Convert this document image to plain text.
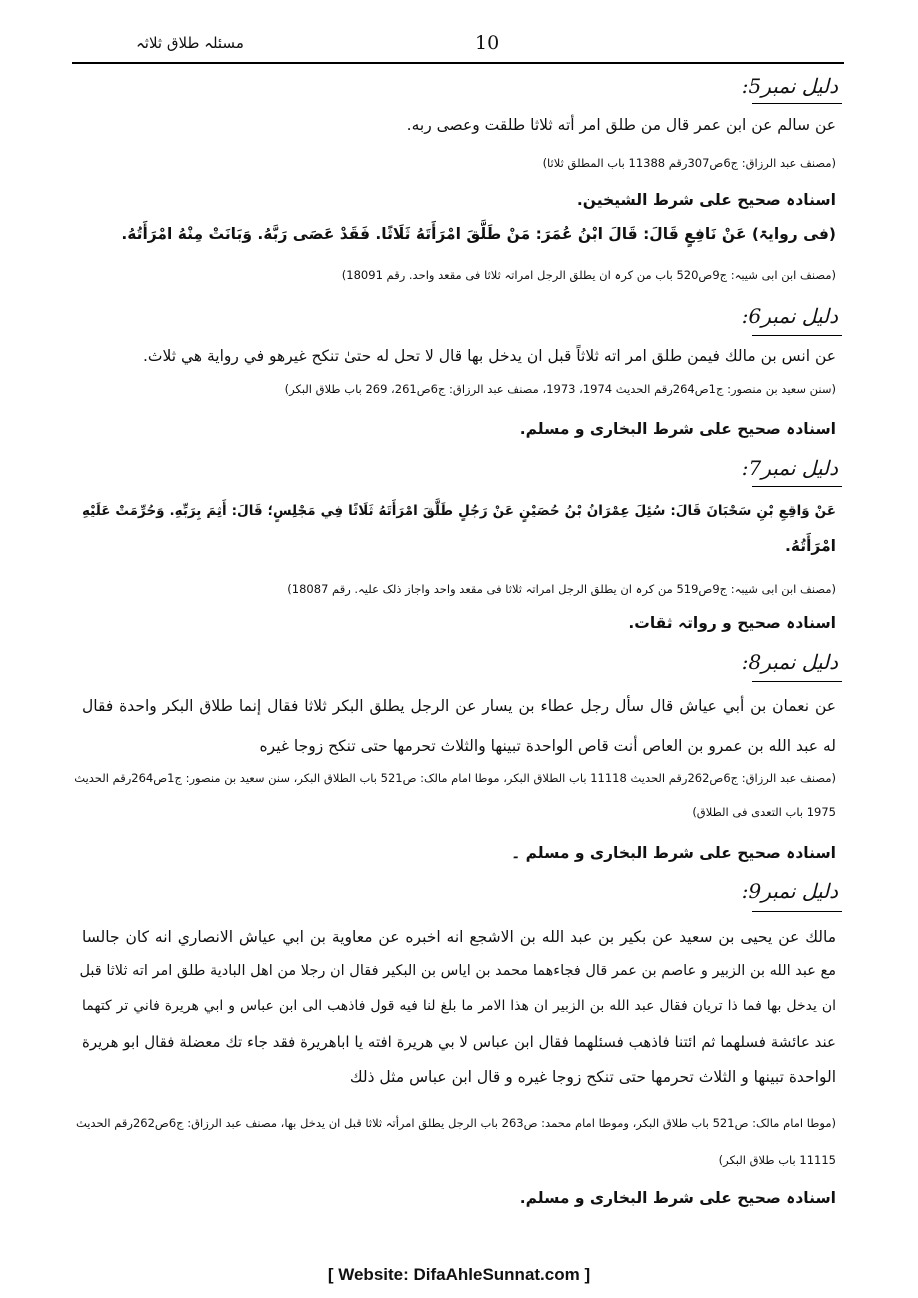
مسئلہ طلاق ثلاثہ	10
دلیل نمبر5:
عن سالم عن ابن عمر قال من طلق امر أته ثلاثا طلقت وعصى ربه.
(مصنف عبد الرزاق: ج6ص307رقم 11388 باب المطلق ثلاثا)
اسنادہ صحیح علی شرط الشیخین.
(فی روایۃ) عَنْ نَافِعٍ قَالَ: قَالَ ابْنُ عُمَرَ: مَنْ طَلَّقَ امْرَأَتَهُ ثَلَاثًا. فَقَدْ عَصَى رَبَّهُ. وَبَانَتْ مِنْهُ امْرَأَتُهُ.
(مصنف ابن ابی شیبہ: ج9ص520 باب من کرہ ان یطلق الرجل امراتہ ثلاثا فی مقعد واحد. رقم 18091)
دلیل نمبر6:
عن انس بن مالك فيمن طلق امر اته ثلاثاً قبل ان يدخل بها قال لا تحل له حتیٰ تنكح غيرهو في رواية هي ثلاث.
(سنن سعید بن منصور: ج1ص264رقم الحدیث 1974، 1973، مصنف عبد الرزاق: ج6ص261، 269 باب طلاق البکر)
اسنادہ صحیح علی شرط البخاری و مسلم.
دلیل نمبر7:
عَنْ وَاقِعِ بْنِ سَحْبَانَ قَالَ: سُئِلَ عِمْرَانُ بْنُ حُصَيْنٍ عَنْ رَجُلٍ طَلَّقَ امْرَأَتَهُ ثَلَاثًا فِي مَجْلِسٍ؛ قَالَ: أَثِمَ بِرَبِّهِ. وَحُرِّمَتْ عَلَيْهِ
امْرَأَتُهُ.
(مصنف ابن ابی شیبہ: ج9ص519 من کرہ ان یطلق الرجل امراتہ ثلاثا فی مقعد واحد واجاز ذلک علیہ. رقم 18087)
اسنادہ صحیح و رواتہ ثقات.
دلیل نمبر8:
عن نعمان بن أبي عياش قال سأل رجل عطاء بن يسار عن الرجل يطلق البكر ثلاثا فقال إنما طلاق البكر واحدة فقال
له عبد الله بن عمرو بن العاص أنت قاص الواحدة تبينها والثلاث تحرمها حتى تنكح زوجا غيره
(مصنف عبد الرزاق: ج6ص262رقم الحدیث 11118 باب الطلاق البکر، موطا امام مالک: ص521 باب الطلاق البکر، سنن سعید بن منصور: ج1ص264رقم الحدیث
1975 باب التعدی فی الطلاق)
اسنادہ صحیح علی شرط البخاری و مسلم ۔
دلیل نمبر9:
مالك عن يحيى بن سعيد عن بكير بن عبد الله بن الاشجع انه اخبره عن معاوية بن ابي عياش الانصاري انه كان جالسا
مع عبد الله بن الزبير و عاصم بن عمر قال فجاءهما محمد بن اياس بن البكير فقال ان رجلا من اهل البادية طلق امر اته ثلاثا قبل
ان يدخل بها فما ذا تريان فقال عبد الله بن الزبير ان هذا الامر ما بلغ لنا فيه قول فاذهب الى ابن عباس و ابي هريرة فاني تر كتهما
عند عائشة فسلهما ثم ائتنا فاذهب فسئلهما فقال ابن عباس لا بي هريرة افته يا اباهريرة فقد جاء تك معضلة فقال ابو هريرة
الواحدة تبينها و الثلاث تحرمها حتى تنكح زوجا غيره و قال ابن عباس مثل ذلك
(موطا امام مالک: ص521 باب طلاق البکر، وموطا امام محمد: ص263 باب الرجل یطلق امرأتہ ثلاثا قبل ان یدخل بھا، مصنف عبد الرزاق: ج6ص262رقم الحدیث
11115 باب طلاق البکر)
اسنادہ صحیح علی شرط البخاری و مسلم.
[ Website: DifaAhleSunnat.com ]
